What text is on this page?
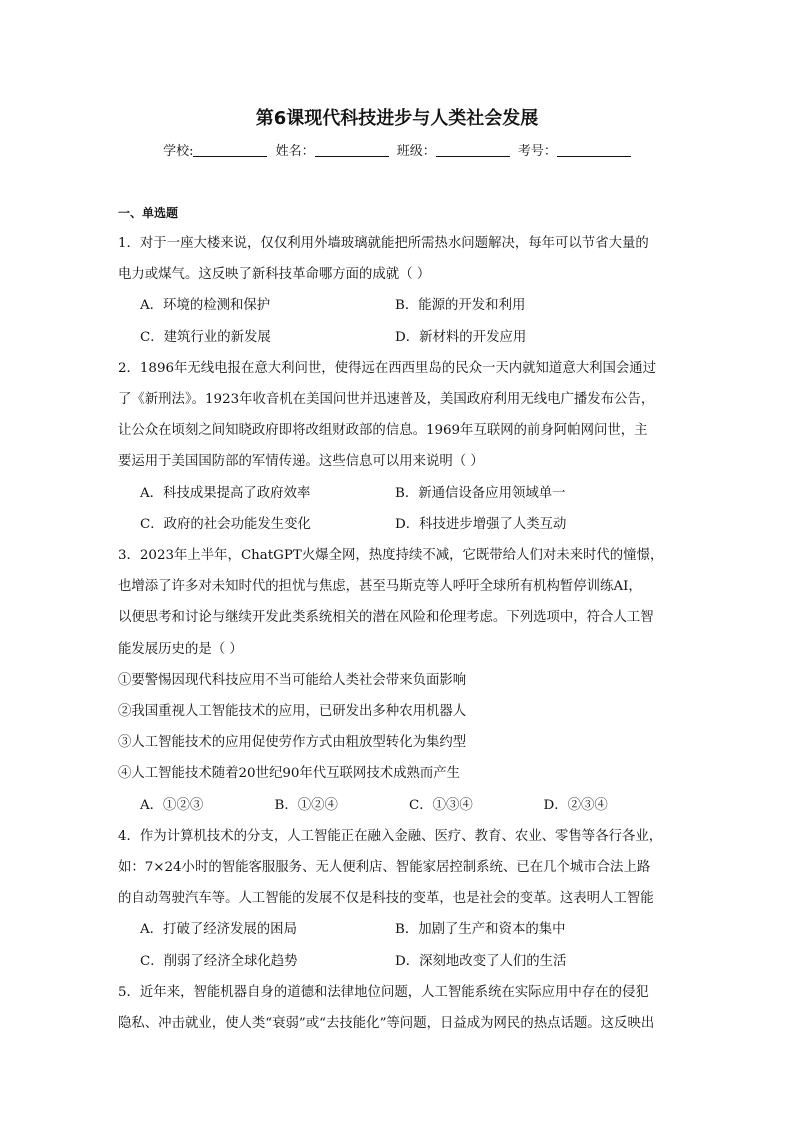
第6课现代科技进步与人类社会发展
学校:	姓名：	班级：	考号：
一、单选题
1．对于一座大楼来说，仅仅利用外墙玻璃就能把所需热水问题解决，每年可以节省大量的
电力或煤气。这反映了新科技革命哪方面的成就（ ）
A．环境的检测和保护	B．能源的开发和利用
C．建筑行业的新发展	D．新材料的开发应用
2．1896年无线电报在意大利问世，使得远在西西里岛的民众一天内就知道意大利国会通过
了《新刑法》。1923年收音机在美国问世并迅速普及，美国政府利用无线电广播发布公告，
让公众在顷刻之间知晓政府即将改组财政部的信息。1969年互联网的前身阿帕网问世，主
要运用于美国国防部的军情传递。这些信息可以用来说明（ ）
A．科技成果提高了政府效率	B．新通信设备应用领域单一
C．政府的社会功能发生变化	D．科技进步增强了人类互动
3．2023年上半年，ChatGPT火爆全网，热度持续不减，它既带给人们对未来时代的憧憬，
也增添了许多对未知时代的担忧与焦虑，甚至马斯克等人呼吁全球所有机构暂停训练AI，
以便思考和讨论与继续开发此类系统相关的潜在风险和伦理考虑。下列选项中，符合人工智
能发展历史的是（ ）
①要警惕因现代科技应用不当可能给人类社会带来负面影响
②我国重视人工智能技术的应用，已研发出多种农用机器人
③人工智能技术的应用促使劳作方式由粗放型转化为集约型
④人工智能技术随着20世纪90年代互联网技术成熟而产生
A．①②③	B．①②④	C．①③④	D．②③④
4．作为计算机技术的分支，人工智能正在融入金融、医疗、教育、农业、零售等各行各业，
如：7×24小时的智能客服服务、无人便利店、智能家居控制系统、已在几个城市合法上路
的自动驾驶汽车等。人工智能的发展不仅是科技的变革，也是社会的变革。这表明人工智能
A．打破了经济发展的困局	B．加剧了生产和资本的集中
C．削弱了经济全球化趋势	D．深刻地改变了人们的生活
5．近年来，智能机器自身的道德和法律地位问题，人工智能系统在实际应用中存在的侵犯
隐私、冲击就业，使人类“衰弱”或“去技能化”等问题，日益成为网民的热点话题。这反映出
